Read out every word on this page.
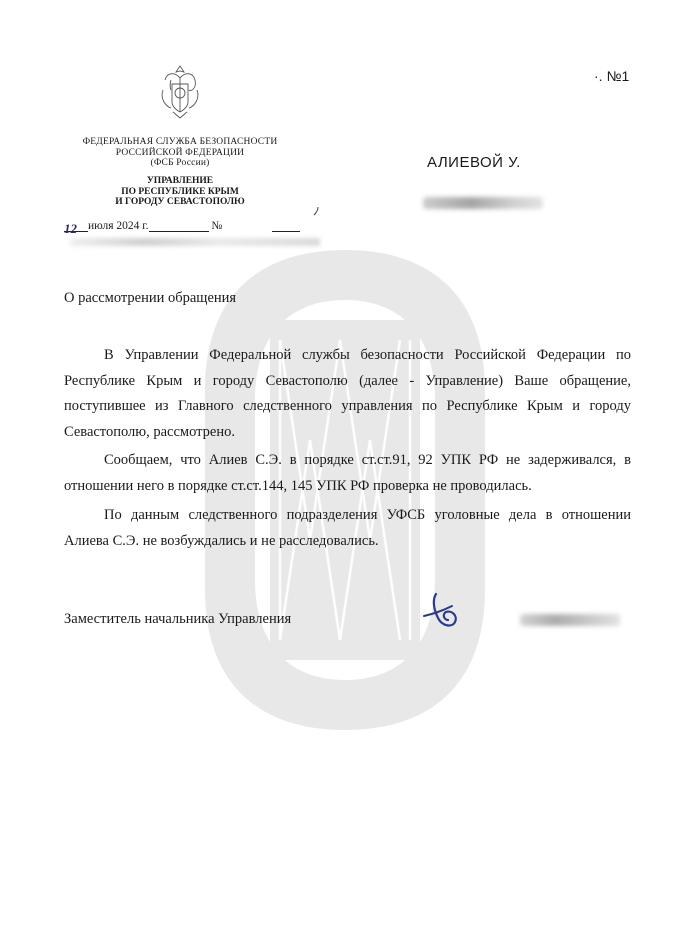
ФЕДЕРАЛЬНАЯ СЛУЖБА БЕЗОПАСНОСТИ
РОССИЙСКОЙ ФЕДЕРАЦИИ
(ФСБ России)
УПРАВЛЕНИЕ
ПО РЕСПУБЛИКЕ КРЫМ
И ГОРОДУ СЕВАСТОПОЛЮ
12 июля 2024 г.	№
·. №1
АЛИЕВОЙ У.
О рассмотрении обращения

В Управлении Федеральной службы безопасности Российской Федерации по Республике Крым и городу Севастополю (далее - Управление) Ваше обращение, поступившее из Главного следственного управления по Республике Крым и городу Севастополю, рассмотрено.

Сообщаем, что Алиев С.Э. в порядке ст.ст.91, 92 УПК РФ не задерживался, в отношении него в порядке ст.ст.144, 145 УПК РФ проверка не проводилась.

По данным следственного подразделения УФСБ уголовные дела в отношении Алиева С.Э. не возбуждались и не расследовались.

Заместитель начальника Управления
